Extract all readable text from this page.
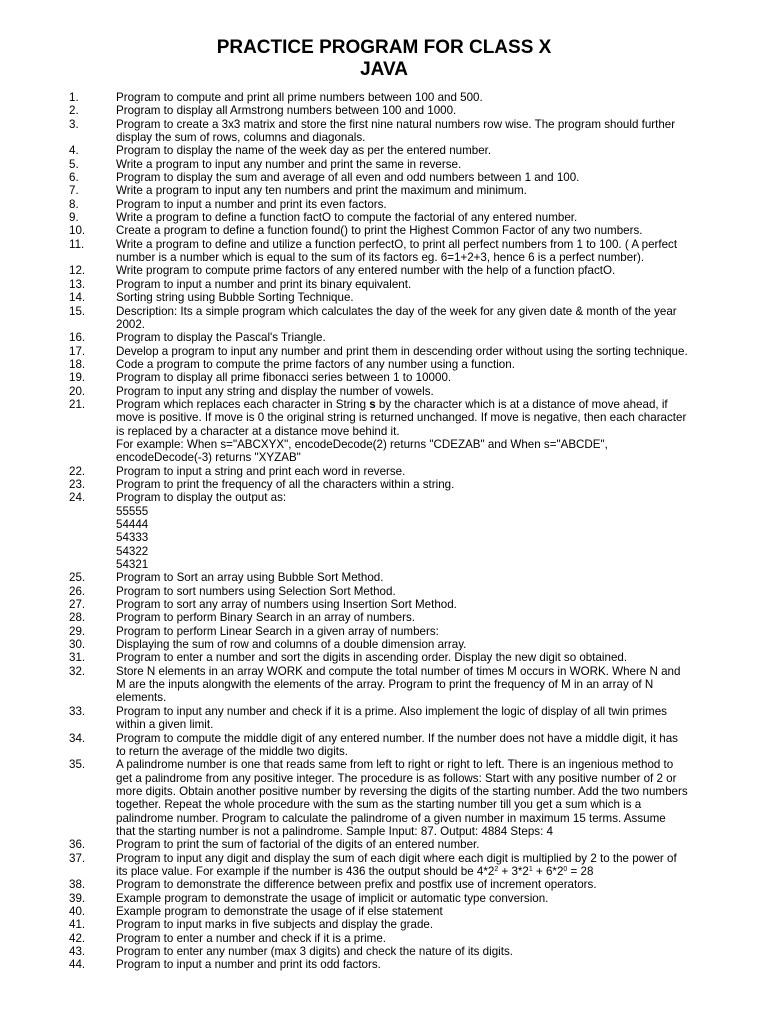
PRACTICE PROGRAM FOR CLASS X
JAVA
1.	Program to compute and print all prime numbers between 100 and 500.
2.	Program to display all Armstrong numbers between 100 and 1000.
3.	Program to create a 3x3 matrix and store the first nine natural numbers row wise. The program should further
display the sum of rows, columns and diagonals.
4.	Program to display the name of the week day as per the entered number.
5.	Write a program to input any number and print the same in reverse.
6.	Program to display the sum and average of all even and odd numbers between 1 and 100.
7.	Write a program to input any ten numbers and print the maximum and minimum.
8.	Program to input a number and print its even factors.
9.	Write a program to define a function factO to compute the factorial of any entered number.
10.	Create a program to define a function found() to print the Highest Common Factor of any two numbers.
11.	Write a program to define and utilize a function perfectO, to print all perfect numbers from 1 to 100. ( A perfect
number is a number which is equal to the sum of its factors eg. 6=1+2+3, hence 6 is a perfect number).
12.	Write program to compute prime factors of any entered number with the help of a function pfactO.
13.	Program to input a number and print its binary equivalent.
14.	Sorting string using Bubble Sorting Technique.
15.	Description: Its a simple program which calculates the day of the week for any given date & month of the year
2002.
16.	Program to display the Pascal's Triangle.
17.	Develop a program to input any number and print them in descending order without using the sorting technique.
18.	Code a program to compute the prime factors of any number using a function.
19.	Program to display all prime fibonacci series between 1 to 10000.
20.	Program to input any string and display the number of vowels.
21.	Program which replaces each character in String s by the character which is at a distance of move ahead, if
move is positive. If move is 0 the original string is returned unchanged. If move is negative, then each character
is replaced by a character at a distance move behind it.
For example: When s="ABCXYX", encodeDecode(2) returns "CDEZAB" and When s="ABCDE",
encodeDecode(-3) returns "XYZAB"
22.	Program to input a string and print each word in reverse.
23.	Program to print the frequency of all the characters within a string.
24.	Program to display the output as:
55555
54444
54333
54322
54321
25.	Program to Sort an array using Bubble Sort Method.
26.	Program to sort numbers using Selection Sort Method.
27.	Program to sort any array of numbers using Insertion Sort Method.
28.	Program to perform Binary Search in an array of numbers.
29.	Program to perform Linear Search in a given array of numbers:
30.	Displaying the sum of row and columns of a double dimension array.
31.	Program to enter a number and sort the digits in ascending order. Display the new digit so obtained.
32.	Store N elements in an array WORK and compute the total number of times M occurs in WORK. Where N and
M are the inputs alongwith the elements of the array. Program to print the frequency of M in an array of N
elements.
33.	Program to input any number and check if it is a prime. Also implement the logic of display of all twin primes
within a given limit.
34.	Program to compute the middle digit of any entered number. If the number does not have a middle digit, it has
to return the average of the middle two digits.
35.	A palindrome number is one that reads same from left to right or right to left. There is an ingenious method to
get a palindrome from any positive integer. The procedure is as follows: Start with any positive number of 2 or
more digits. Obtain another positive number by reversing the digits of the starting number. Add the two numbers
together. Repeat the whole procedure with the sum as the starting number till you get a sum which is a
palindrome number. Program to calculate the palindrome of a given number in maximum 15 terms. Assume
that the starting number is not a palindrome. Sample Input: 87. Output: 4884 Steps: 4
36.	Program to print the sum of factorial of the digits of an entered number.
37.	Program to input any digit and display the sum of each digit where each digit is multiplied by 2 to the power of
its place value. For example if the number is 436 the output should be $4*2^2 + 3*2^1 + 6*2^0 = 28$
38.	Program to demonstrate the difference between prefix and postfix use of increment operators.
39.	Example program to demonstrate the usage of implicit or automatic type conversion.
40.	Example program to demonstrate the usage of if else statement
41.	Program to input marks in five subjects and display the grade.
42.	Program to enter a number and check if it is a prime.
43.	Program to enter any number (max 3 digits) and check the nature of its digits.
44.	Program to input a number and print its odd factors.
